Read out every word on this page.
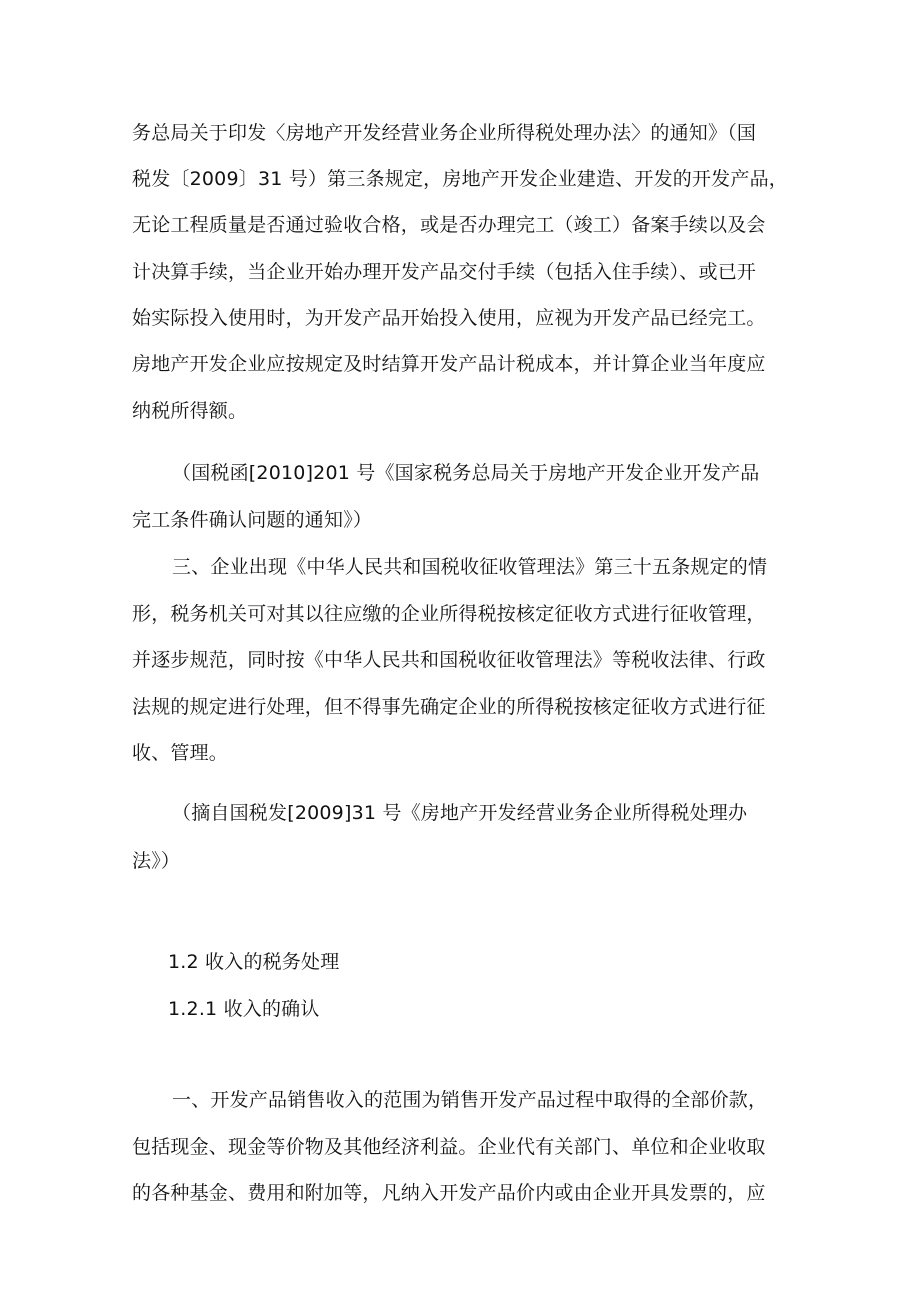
务总局关于印发〈房地产开发经营业务企业所得税处理办法〉的通知》（国
税发〔2009〕31 号）第三条规定，房地产开发企业建造、开发的开发产品，
无论工程质量是否通过验收合格，或是否办理完工（竣工）备案手续以及会
计决算手续，当企业开始办理开发产品交付手续（包括入住手续）、或已开
始实际投入使用时，为开发产品开始投入使用，应视为开发产品已经完工。
房地产开发企业应按规定及时结算开发产品计税成本，并计算企业当年度应
纳税所得额。
（国税函[2010]201 号《国家税务总局关于房地产开发企业开发产品
完工条件确认问题的通知》）
三、企业出现《中华人民共和国税收征收管理法》第三十五条规定的情
形，税务机关可对其以往应缴的企业所得税按核定征收方式进行征收管理，
并逐步规范，同时按《中华人民共和国税收征收管理法》等税收法律、行政
法规的规定进行处理，但不得事先确定企业的所得税按核定征收方式进行征
收、管理。
（摘自国税发[2009]31 号《房地产开发经营业务企业所得税处理办
法》）
1.2 收入的税务处理
1.2.1 收入的确认
一、开发产品销售收入的范围为销售开发产品过程中取得的全部价款，
包括现金、现金等价物及其他经济利益。企业代有关部门、单位和企业收取
的各种基金、费用和附加等，凡纳入开发产品价内或由企业开具发票的，应
